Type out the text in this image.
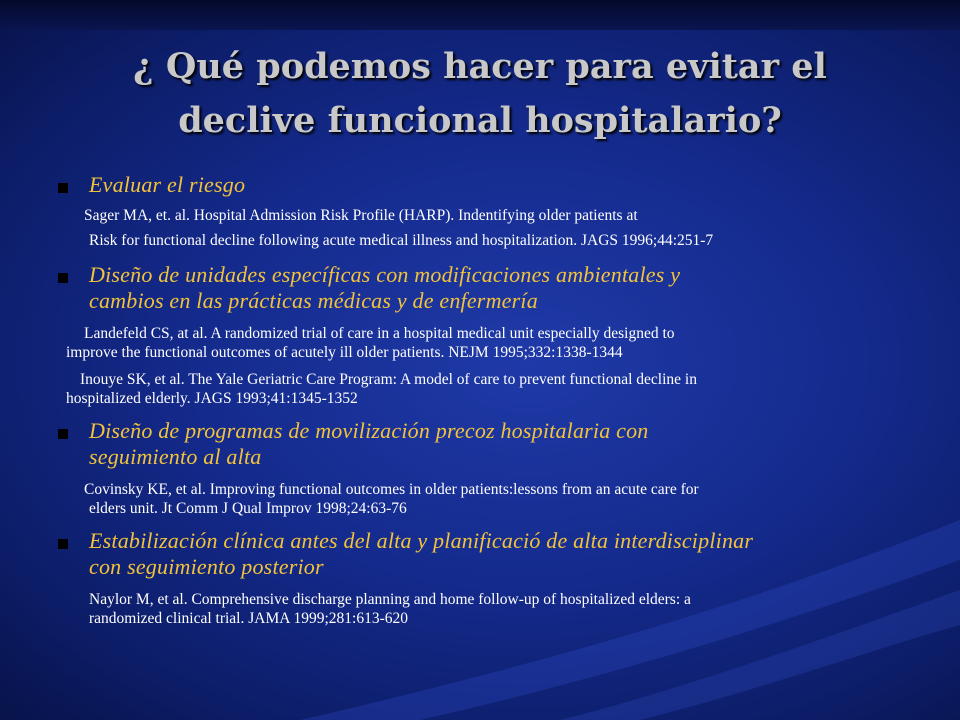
¿ Qué podemos hacer para evitar el
declive funcional hospitalario?
Evaluar el riesgo
Sager MA, et. al. Hospital Admission Risk Profile (HARP). Indentifying older patients at
Risk for functional decline following acute medical illness and hospitalization. JAGS 1996;44:251-7
Diseño de unidades específicas con modificaciones ambientales y
cambios en las prácticas médicas y de enfermería
Landefeld CS, at al. A randomized trial of care in a hospital medical unit especially designed to
improve the functional outcomes of acutely ill older patients. NEJM 1995;332:1338-1344
Inouye SK, et al. The Yale Geriatric Care Program: A model of care to prevent functional decline in
hospitalized elderly. JAGS 1993;41:1345-1352
Diseño de programas de movilización precoz hospitalaria con
seguimiento al alta
Covinsky KE, et al. Improving functional outcomes in older patients:lessons from an acute care for
elders unit. Jt Comm J Qual Improv 1998;24:63-76
Estabilización clínica antes del alta y planificació de alta interdisciplinar
con seguimiento posterior
Naylor M, et al. Comprehensive discharge planning and home follow-up of hospitalized elders: a
randomized clinical trial. JAMA 1999;281:613-620
